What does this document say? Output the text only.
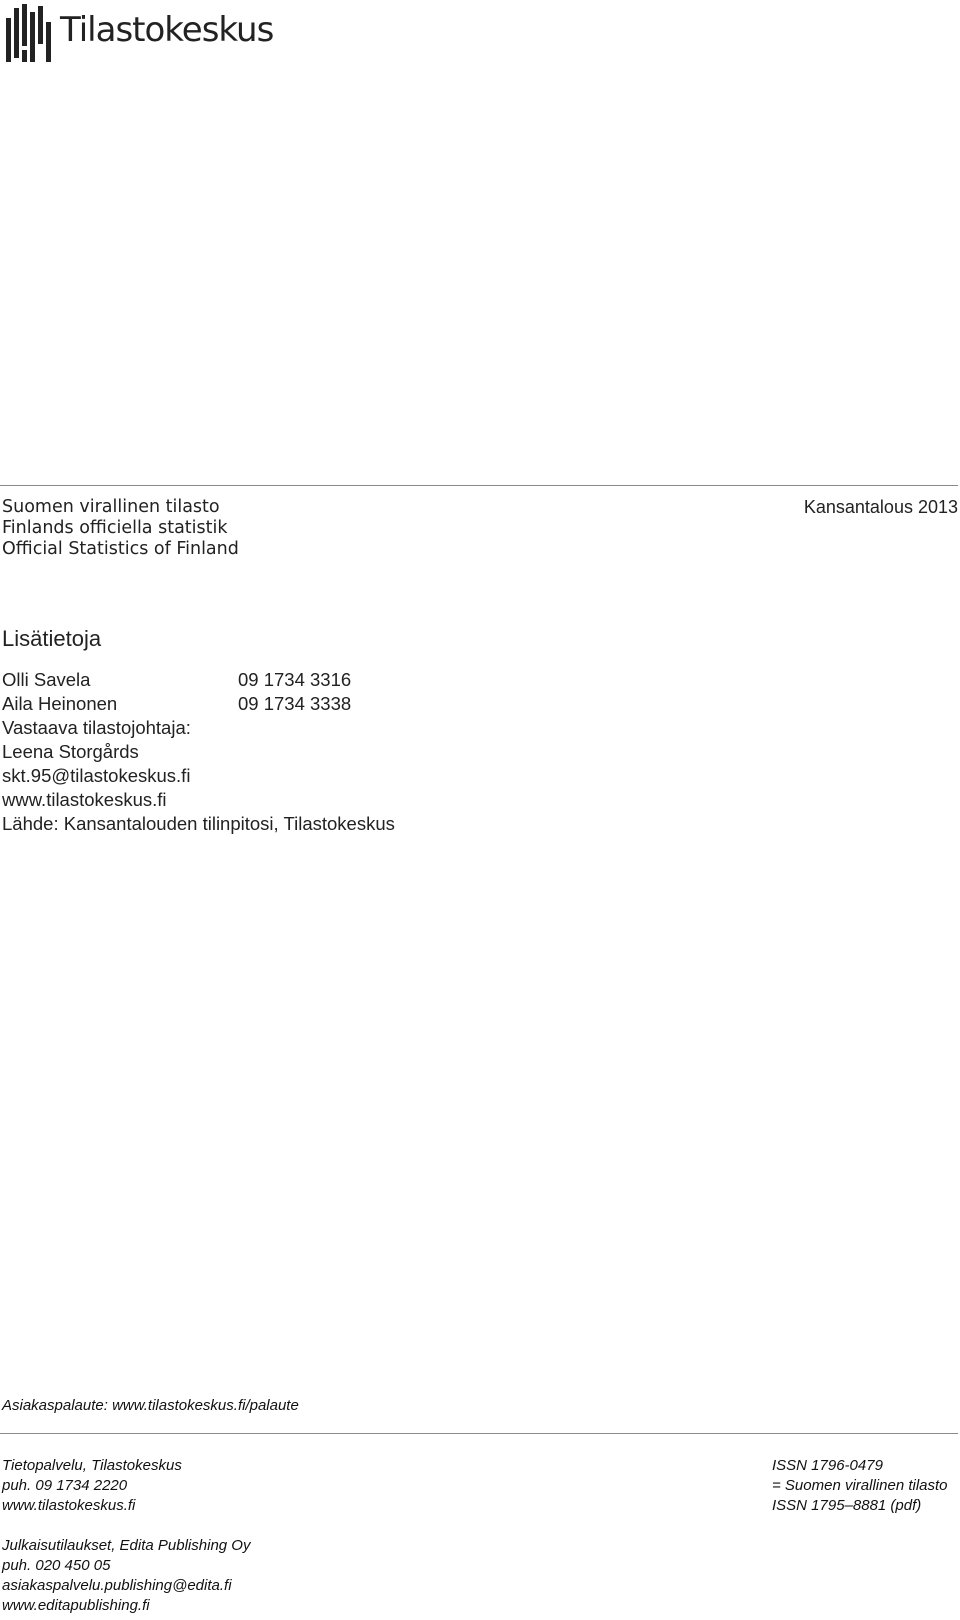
Tilastokeskus
Suomen virallinen tilasto
Finlands officiella statistik
Official Statistics of Finland
Kansantalous 2013
Lisätietoja
Olli Savela	09 1734 3316
Aila Heinonen	09 1734 3338
Vastaava tilastojohtaja:
Leena Storgårds
skt.95@tilastokeskus.fi
www.tilastokeskus.fi
Lähde: Kansantalouden tilinpitosi, Tilastokeskus
Asiakaspalaute: www.tilastokeskus.fi/palaute
Tietopalvelu, Tilastokeskus
puh. 09 1734 2220
www.tilastokeskus.fi
ISSN 1796-0479
= Suomen virallinen tilasto
ISSN 1795–8881 (pdf)
Julkaisutilaukset, Edita Publishing Oy
puh. 020 450 05
asiakaspalvelu.publishing@edita.fi
www.editapublishing.fi
